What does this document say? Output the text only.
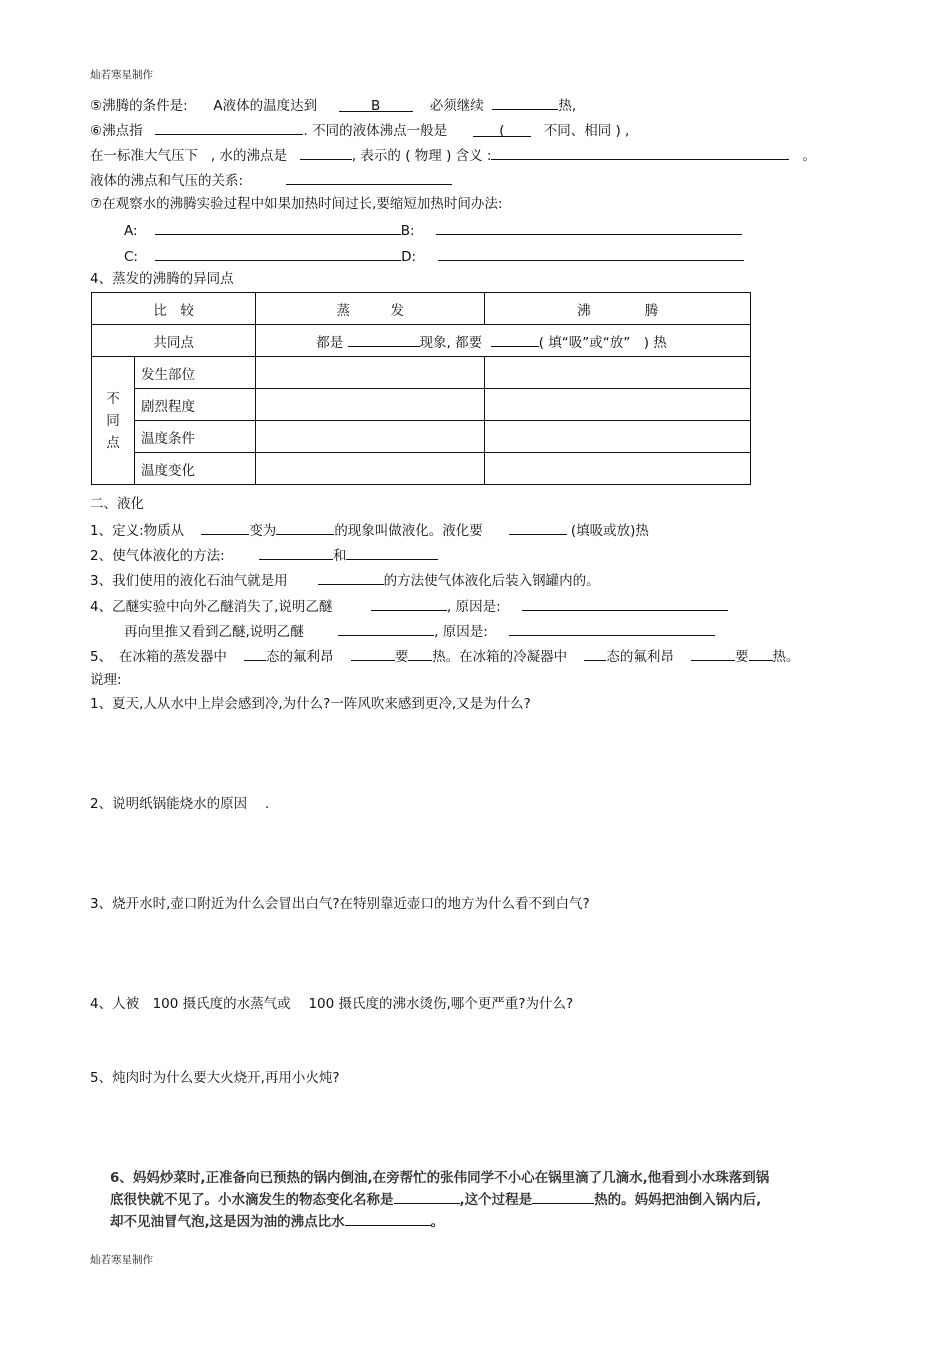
灿若寒星制作
⑤沸腾的条件是: A液体的温度达到	B	必须继续	热,
⑥沸点指	. 不同的液体沸点一般是	(	不同、相同 ) ,
在一标准大气压下 , 水的沸点是	, 表示的 ( 物理 ) 含义 :	。
液体的沸点和气压的关系:
⑦在观察水的沸腾实验过程中如果加热时间过长,要缩短加热时间办法:
A:	B:
C:	D:
4、蒸发的沸腾的异同点
比　较		蒸　　　发	沸　　　　腾
共同点		都是 现象, 都要 ( 填“吸”或“放”　) 热	
不
同
点	发生部位		
	剧烈程度		
	温度条件		
	温度变化		
二、液化
1、定义:物质从	变为	的现象叫做液化。液化要	(填吸或放)热
2、使气体液化的方法:	和
3、我们使用的液化石油气就是用	的方法使气体液化后装入钢罐内的。
4、乙醚实验中向外乙醚消失了,说明乙醚	, 原因是:
再向里推又看到乙醚,说明乙醚	, 原因是:
5、　在冰箱的蒸发器中	态的氟利昂	要 热。在冰箱的冷凝器中	态的氟利昂	要 热。
说理:
1、夏天,人从水中上岸会感到冷,为什么?一阵风吹来感到更冷,又是为什么?
2、说明纸锅能烧水的原因　 .
3、烧开水时,壶口附近为什么会冒出白气?在特别靠近壶口的地方为什么看不到白气?
4、人被　100 摄氏度的水蒸气或　 100 摄氏度的沸水烫伤,哪个更严重?为什么?
5、炖肉时为什么要大火烧开,再用小火炖?
6、妈妈炒菜时,正准备向已预热的锅内倒油,在旁帮忙的张伟同学不小心在锅里滴了几滴水,他看到小水珠落到锅底很快就不见了。小水滴发生的物态变化名称是	,这个过程是	热的。妈妈把油倒入锅内后,却不见油冒气泡,这是因为油的沸点比水	。
灿若寒星制作
